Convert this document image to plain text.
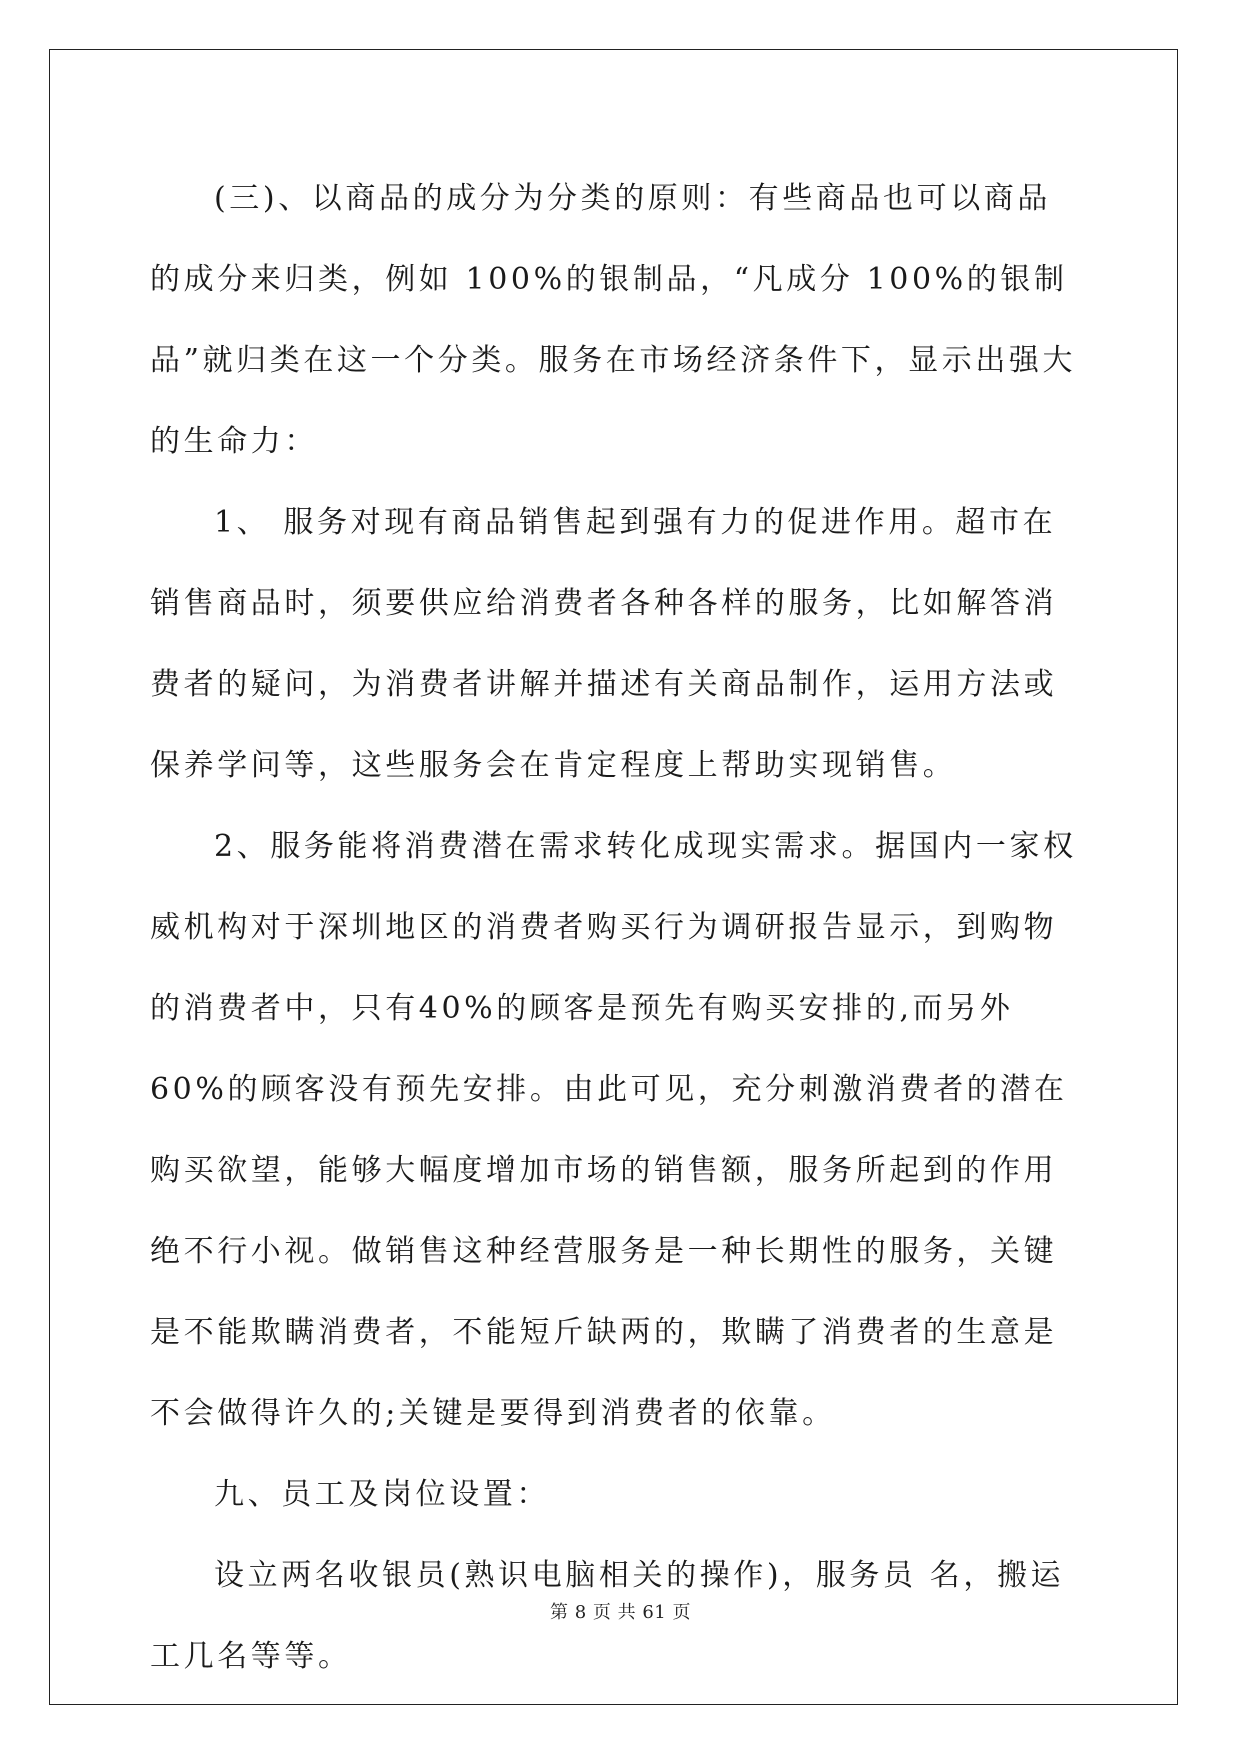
(三)、以商品的成分为分类的原则：有些商品也可以商品的成分来归类，例如 100%的银制品，“凡成分 100%的银制品”就归类在这一个分类。服务在市场经济条件下，显示出强大的生命力：

1、 服务对现有商品销售起到强有力的促进作用。超市在销售商品时，须要供应给消费者各种各样的服务，比如解答消费者的疑问，为消费者讲解并描述有关商品制作，运用方法或保养学问等，这些服务会在肯定程度上帮助实现销售。

2、服务能将消费潜在需求转化成现实需求。据国内一家权威机构对于深圳地区的消费者购买行为调研报告显示，到购物的消费者中，只有40%的顾客是预先有购买安排的,而另外60%的顾客没有预先安排。由此可见，充分刺激消费者的潜在购买欲望，能够大幅度增加市场的销售额，服务所起到的作用绝不行小视。做销售这种经营服务是一种长期性的服务，关键是不能欺瞒消费者，不能短斤缺两的，欺瞒了消费者的生意是不会做得许久的;关键是要得到消费者的依靠。

九、员工及岗位设置：

设立两名收银员(熟识电脑相关的操作)，服务员 名，搬运工几名等等。

第 8 页 共 61 页
